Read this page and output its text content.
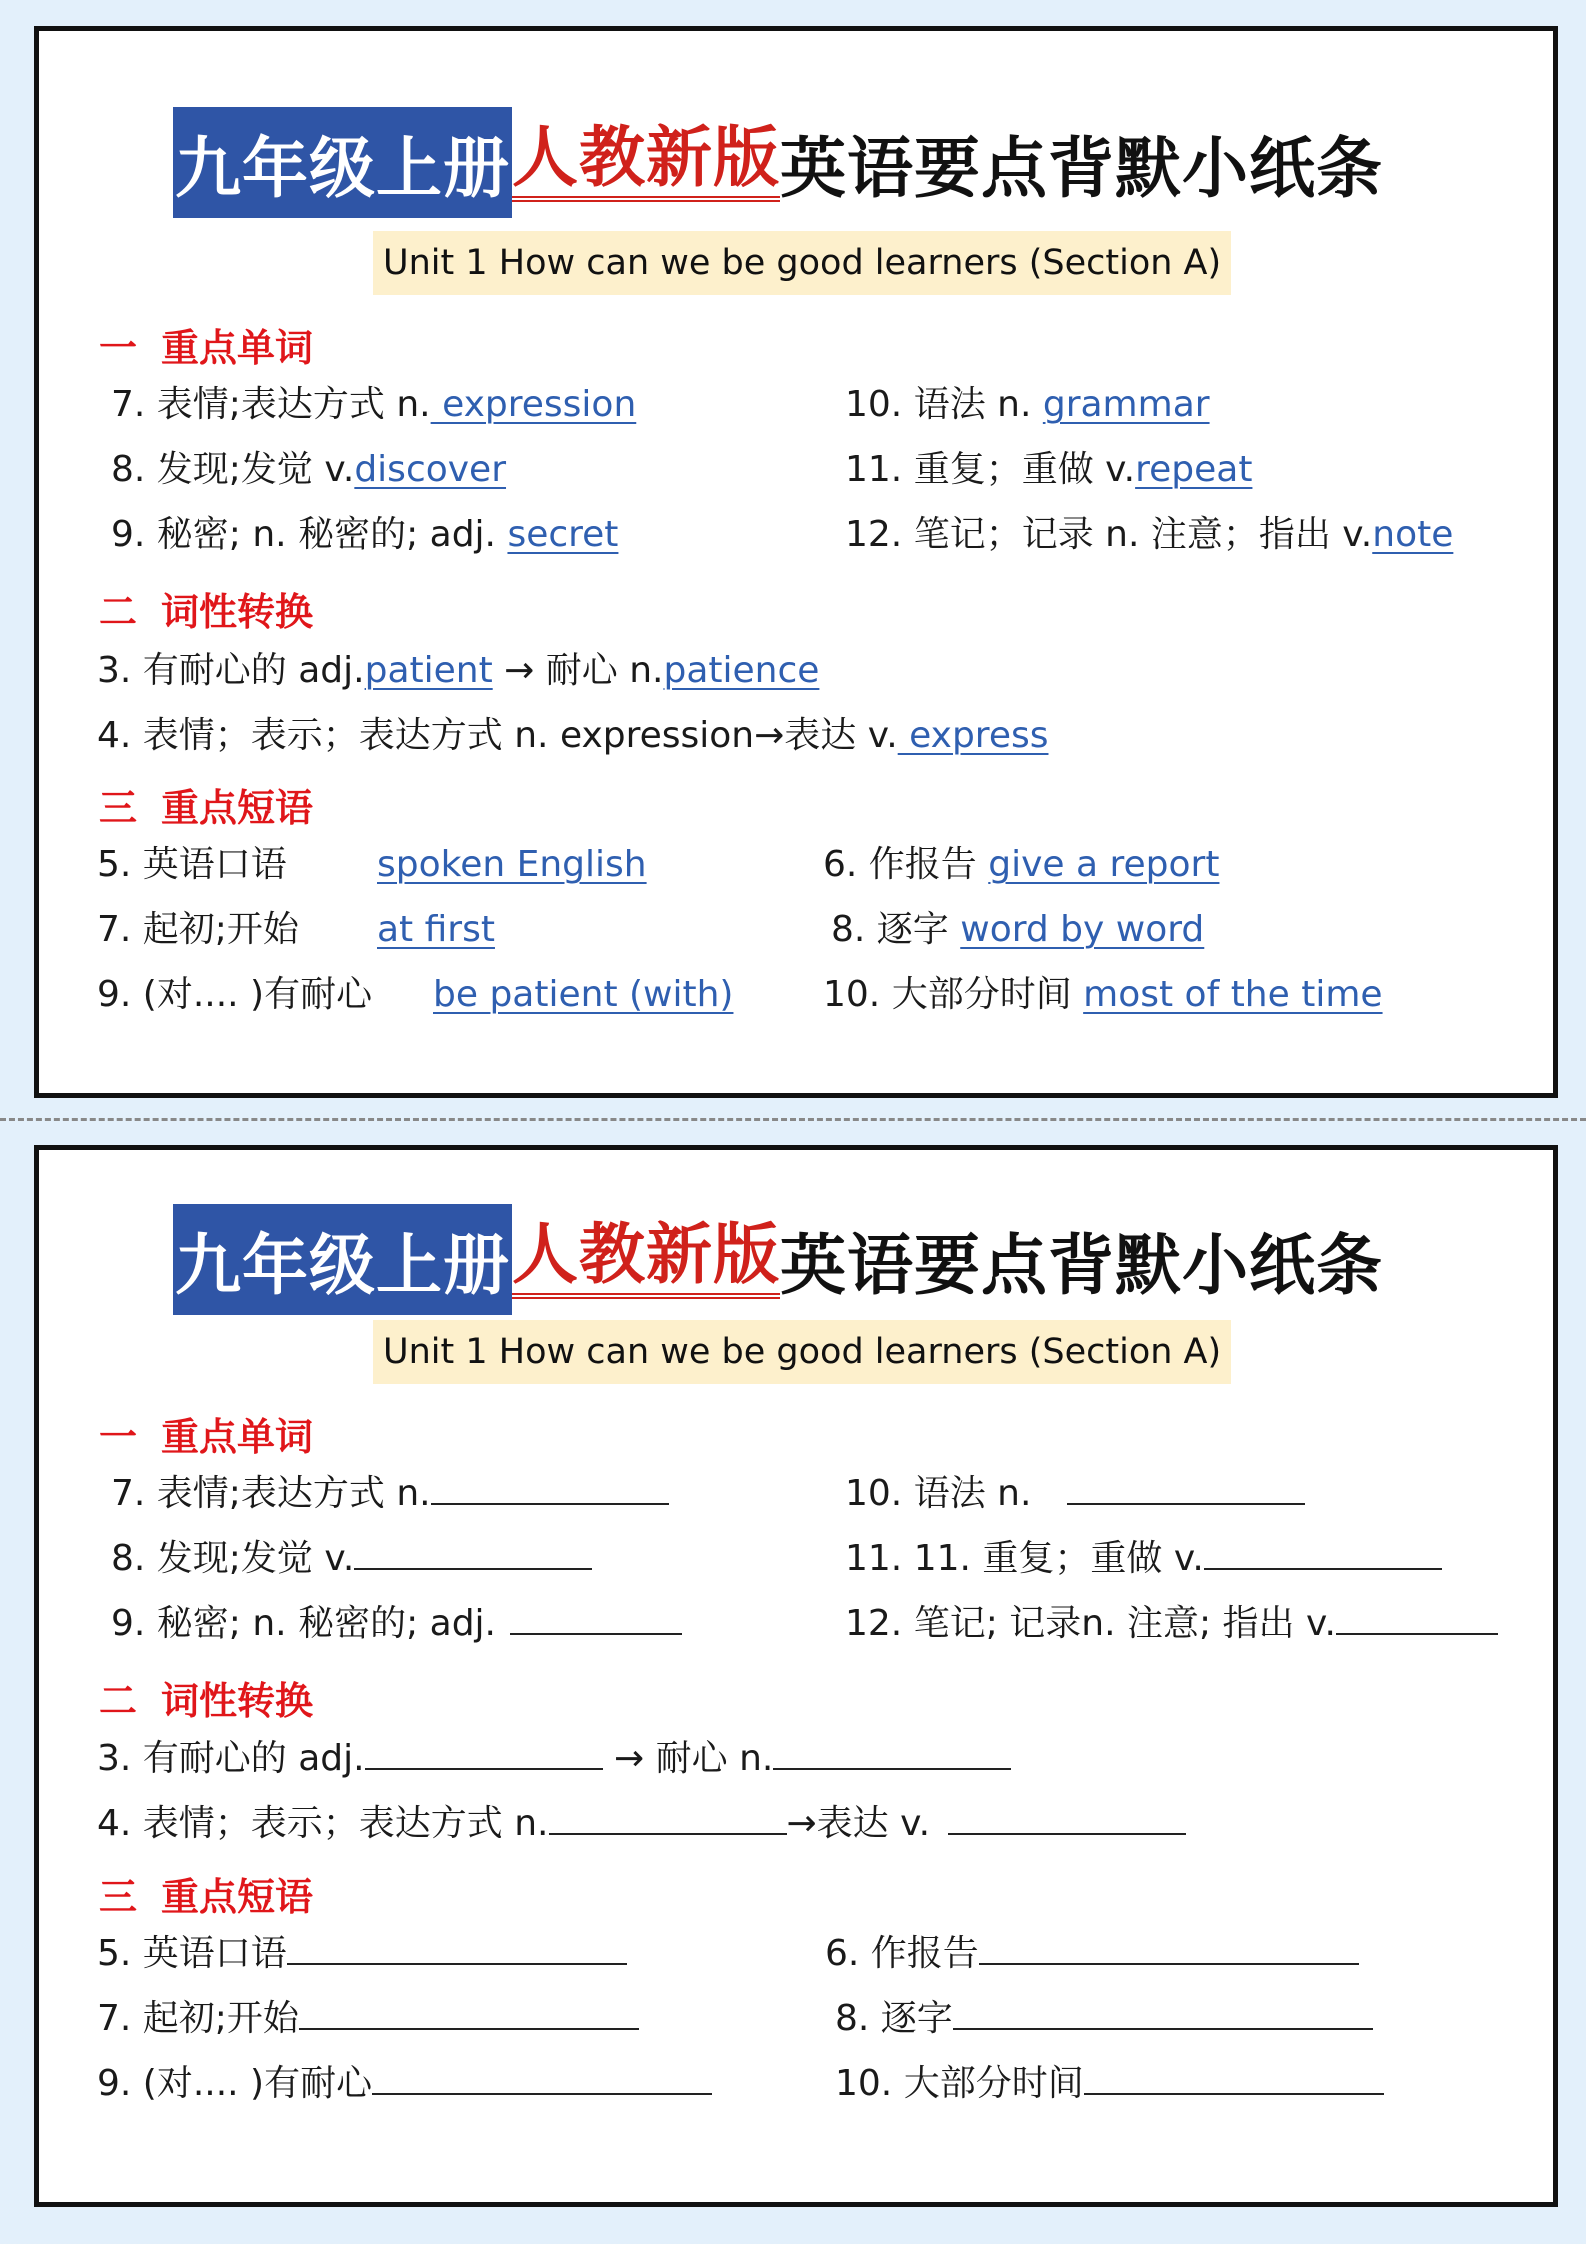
九年级上册 人教新版 英语要点背默小纸条
Unit 1 How can we be good learners (Section A)
一 重点单词
7. 表情;表达方式 n. expression	10. 语法 n. grammar
8. 发现;发觉 v.discover	11. 重复；重做 v.repeat
9. 秘密; n. 秘密的; adj. secret	12. 笔记；记录 n. 注意；指出 v.note
二 词性转换
3. 有耐心的 adj.patient → 耐心 n.patience
4. 表情；表示；表达方式 n. expression→表达 v. express
三 重点短语
5. 英语口语	spoken English	6. 作报告 give a report
7. 起初;开始 at first	8. 逐字 word by word
9. (对.... )有耐心 be patient (with) 10. 大部分时间 most of the time
九年级上册 人教新版 英语要点背默小纸条
Unit 1 How can we be good learners (Section A)
一 重点单词
7. 表情;表达方式 n.	10. 语法 n.
8. 发现;发觉 v.	11. 11. 重复；重做 v.
9. 秘密; n. 秘密的; adj.	12. 笔记; 记录n. 注意; 指出 v.
二 词性转换
3. 有耐心的 adj.	→ 耐心 n.
4. 表情；表示；表达方式 n.	→表达 v.
三 重点短语
5. 英语口语	6. 作报告
7. 起初;开始	8. 逐字
9. (对.... )有耐心	10. 大部分时间
